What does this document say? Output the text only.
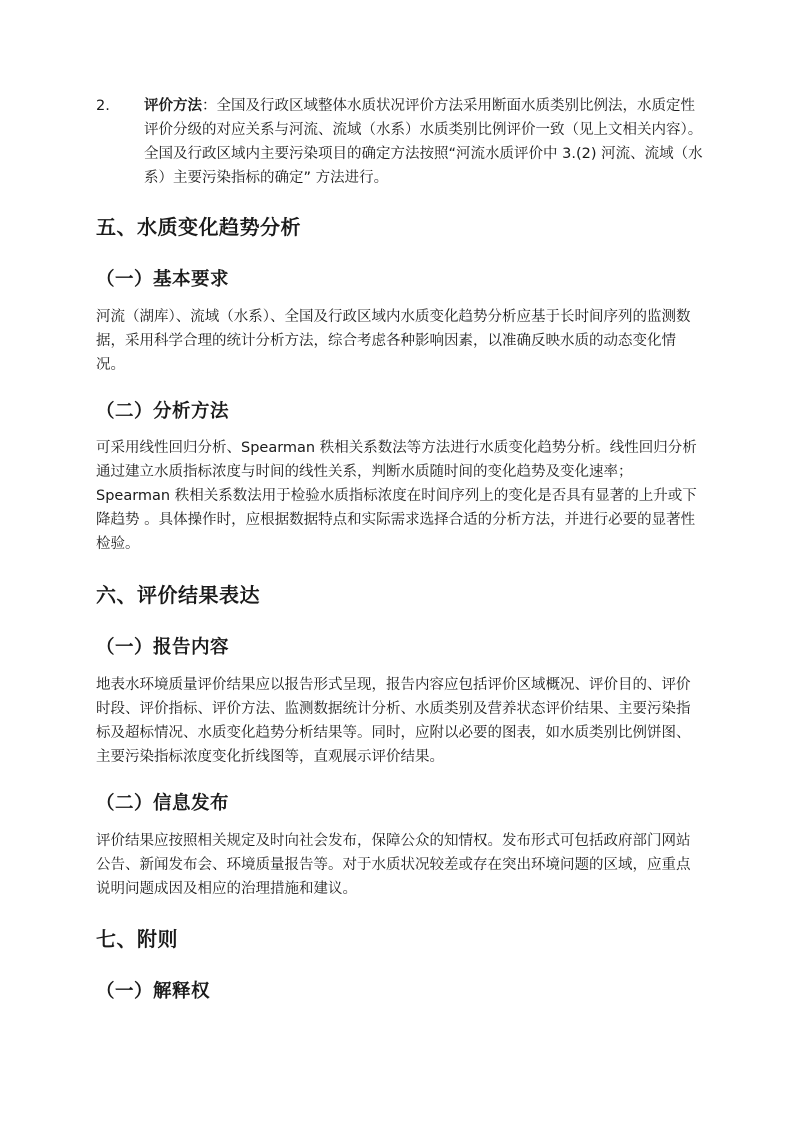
2. 评价方法：全国及行政区域整体水质状况评价方法采用断面水质类别比例法，水质定性评价分级的对应关系与河流、流域（水系）水质类别比例评价一致（见上文相关内容）。全国及行政区域内主要污染项目的确定方法按照“河流水质评价中 3.(2) 河流、流域（水系）主要污染指标的确定” 方法进行。
五、水质变化趋势分析
（一）基本要求
河流（湖库）、流域（水系）、全国及行政区域内水质变化趋势分析应基于长时间序列的监测数据，采用科学合理的统计分析方法，综合考虑各种影响因素，以准确反映水质的动态变化情况。
（二）分析方法
可采用线性回归分析、Spearman 秩相关系数法等方法进行水质变化趋势分析。线性回归分析通过建立水质指标浓度与时间的线性关系，判断水质随时间的变化趋势及变化速率；Spearman 秩相关系数法用于检验水质指标浓度在时间序列上的变化是否具有显著的上升或下降趋势 。具体操作时，应根据数据特点和实际需求选择合适的分析方法，并进行必要的显著性检验。
六、评价结果表达
（一）报告内容
地表水环境质量评价结果应以报告形式呈现，报告内容应包括评价区域概况、评价目的、评价时段、评价指标、评价方法、监测数据统计分析、水质类别及营养状态评价结果、主要污染指标及超标情况、水质变化趋势分析结果等。同时，应附以必要的图表，如水质类别比例饼图、主要污染指标浓度变化折线图等，直观展示评价结果。
（二）信息发布
评价结果应按照相关规定及时向社会发布，保障公众的知情权。发布形式可包括政府部门网站公告、新闻发布会、环境质量报告等。对于水质状况较差或存在突出环境问题的区域，应重点说明问题成因及相应的治理措施和建议。
七、附则
（一）解释权
